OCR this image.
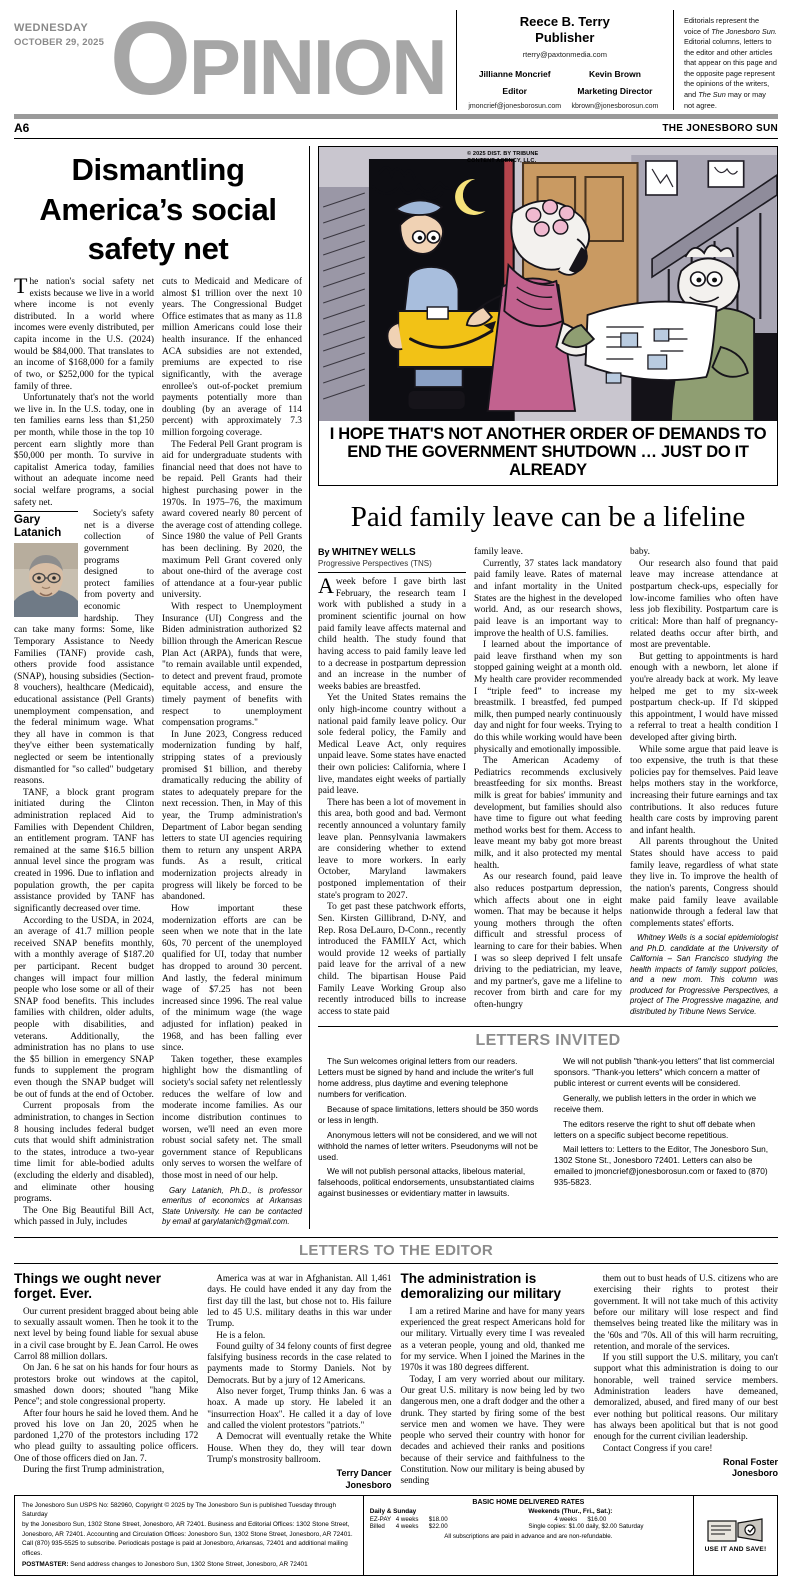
WEDNESDAY
OCTOBER 29, 2025 OPINION
Reece B. Terry
Publisher
rterry@paxtonmedia.com
Jillianne Moncrief
Editor
jmoncrief@jonesborosun.com
Kevin Brown
Marketing Director
kbrown@jonesborosun.com
Editorials represent the voice of The Jonesboro Sun. Editorial columns, letters to the editor and other articles that appear on this page and the opposite page represent the opinions of the writers, and The Sun may or may not agree.
A6	THE JONESBORO SUN
Dismantling America’s social safety net

The nation's social safety net exists because we live in a world where income is not evenly distributed. In a world where incomes were evenly distributed, per capita income in the U.S. (2024) would be $84,000. That translates to an income of $168,000 for a family of two, or $252,000 for the typical family of three.

Unfortunately that's not the world we live in. In the U.S. today, one in ten families earns less than $1,250 per month, while those in the top 10 percent earn slightly more than $50,000 per month. To survive in capitalist America today, families without an adequate income need social welfare programs, a social safety net.

Gary
Latanich

Society's safety net is a diverse collection of government programs designed to protect families from poverty and economic hardship. They can take many forms: Some, like Temporary Assistance to Needy Families (TANF) provide cash, others provide food assistance (SNAP), housing subsidies (Section-8 vouchers), healthcare (Medicaid), educational assistance (Pell Grants) unemployment compensation, and the federal minimum wage. What they all have in common is that they've either been systematically neglected or seem be intentionally dismantled for "so called" budgetary reasons.

TANF, a block grant program initiated during the Clinton administration replaced Aid to Families with Dependent Children, an entitlement program. TANF has remained at the same $16.5 billion annual level since the program was created in 1996. Due to inflation and population growth, the per capita assistance provided by TANF has significantly decreased over time.

According to the USDA, in 2024, an average of 41.7 million people received SNAP benefits monthly, with a monthly average of $187.20 per participant. Recent budget changes will impact four million people who lose some or all of their SNAP food benefits. This includes families with children, older adults, people with disabilities, and veterans. Additionally, the administration has no plans to use the $5 billion in emergency SNAP funds to supplement the program even though the SNAP budget will be out of funds at the end of October.

Current proposals from the administration, to changes in Section 8 housing includes federal budget cuts that would shift administration to the states, introduce a two-year time limit for able-bodied adults (excluding the elderly and disabled), and eliminate other housing programs.

The One Big Beautiful Bill Act, which passed in July, includes

cuts to Medicaid and Medicare of almost $1 trillion over the next 10 years. The Congressional Budget Office estimates that as many as 11.8 million Americans could lose their health insurance. If the enhanced ACA subsidies are not extended, premiums are expected to rise significantly, with the average enrollee's out-of-pocket premium payments potentially more than doubling (by an average of 114 percent) with approximately 7.3 million forgoing coverage.

The Federal Pell Grant program is aid for undergraduate students with financial need that does not have to be repaid. Pell Grants had their highest purchasing power in the 1970s. In 1975–76, the maximum award covered nearly 80 percent of the average cost of attending college. Since 1980 the value of Pell Grants has been declining. By 2020, the maximum Pell Grant covered only about one-third of the average cost of attendance at a four-year public university.

With respect to Unemployment Insurance (UI) Congress and the Biden administration authorized $2 billion through the American Rescue Plan Act (ARPA), funds that were, "to remain available until expended, to detect and prevent fraud, promote equitable access, and ensure the timely payment of benefits with respect to unemployment compensation programs."

In June 2023, Congress reduced modernization funding by half, stripping states of a previously promised $1 billion, and thereby dramatically reducing the ability of states to adequately prepare for the next recession. Then, in May of this year, the Trump administration's Department of Labor began sending letters to state UI agencies requiring them to return any unspent ARPA funds. As a result, critical modernization projects already in progress will likely be forced to be abandoned.

How important these modernization efforts are can be seen when we note that in the late 60s, 70 percent of the unemployed qualified for UI, today that number has dropped to around 30 percent. And lastly, the federal minimum wage of $7.25 has not been increased since 1996. The real value of the minimum wage (the wage adjusted for inflation) peaked in 1968, and has been falling ever since.

Taken together, these examples highlight how the dismantling of society's social safety net relentlessly reduces the welfare of low and moderate income families. As our income distribution continues to worsen, we'll need an even more robust social safety net. The small government stance of Republicans only serves to worsen the welfare of those most in need of our help.

Gary Latanich, Ph.D., is professor emeritus of economics at Arkansas State University. He can be contacted by email at garylatanich@gmail.com.
© 2025 DIST. BY TRIBUNE
CONTENT AGENCY, LLC.
I HOPE THAT'S NOT ANOTHER ORDER OF DEMANDS TO END THE GOVERNMENT SHUTDOWN … JUST DO IT ALREADY
Paid family leave can be a lifeline
By WHITNEY WELLS
Progressive Perspectives (TNS)

Aweek before I gave birth last February, the research team I work with published a study in a prominent scientific journal on how paid family leave affects maternal and child health. The study found that having access to paid family leave led to a decrease in postpartum depression and an increase in the number of weeks babies are breastfed.

Yet the United States remains the only high-income country without a national paid family leave policy. Our sole federal policy, the Family and Medical Leave Act, only requires unpaid leave. Some states have enacted their own policies: California, where I live, mandates eight weeks of partially paid leave.

There has been a lot of movement in this area, both good and bad. Vermont recently announced a voluntary family leave plan. Pennsylvania lawmakers are considering whether to extend leave to more workers. In early October, Maryland lawmakers postponed implementation of their state's program to 2027.

To get past these patchwork efforts, Sen. Kirsten Gillibrand, D-NY, and Rep. Rosa DeLauro, D-Conn., recently introduced the FAMILY Act, which would provide 12 weeks of partially paid leave for the arrival of a new child. The bipartisan House Paid Family Leave Working Group also recently introduced bills to increase access to state paid

family leave.

Currently, 37 states lack mandatory paid family leave. Rates of maternal and infant mortality in the United States are the highest in the developed world. And, as our research shows, paid leave is an important way to improve the health of U.S. families.

I learned about the importance of paid leave firsthand when my son stopped gaining weight at a month old. My health care provider recommended I “triple feed” to increase my breastmilk. I breastfed, fed pumped milk, then pumped nearly continuously day and night for four weeks. Trying to do this while working would have been physically and emotionally impossible.

The American Academy of Pediatrics recommends exclusively breastfeeding for six months. Breast milk is great for babies' immunity and development, but families should also have time to figure out what feeding method works best for them. Access to leave meant my baby got more breast milk, and it also protected my mental health.

As our research found, paid leave also reduces postpartum depression, which affects about one in eight women. That may be because it helps young mothers through the often difficult and stressful process of learning to care for their babies. When I was so sleep deprived I felt unsafe driving to the pediatrician, my leave, and my partner's, gave me a lifeline to recover from birth and care for my often-hungry

baby.

Our research also found that paid leave may increase attendance at postpartum check-ups, especially for low-income families who often have less job flexibility. Postpartum care is critical: More than half of pregnancy-related deaths occur after birth, and most are preventable.

But getting to appointments is hard enough with a newborn, let alone if you're already back at work. My leave helped me get to my six-week postpartum check-up. If I'd skipped this appointment, I would have missed a referral to treat a health condition I developed after giving birth.

While some argue that paid leave is too expensive, the truth is that these policies pay for themselves. Paid leave helps mothers stay in the workforce, increasing their future earnings and tax contributions. It also reduces future health care costs by improving parent and infant health.

All parents throughout the United States should have access to paid family leave, regardless of what state they live in. To improve the health of the nation's parents, Congress should make paid family leave available nationwide through a federal law that complements states' efforts.

Whitney Wells is a social epidemiologist and Ph.D. candidate at the University of California – San Francisco studying the health impacts of family support policies, and a new mom. This column was produced for Progressive Perspectives, a project of The Progressive magazine, and distributed by Tribune News Service.
LETTERS INVITED

The Sun welcomes original letters from our readers. Letters must be signed by hand and include the writer's full home address, plus daytime and evening telephone numbers for verification.

Because of space limitations, letters should be 350 words or less in length.

Anonymous letters will not be considered, and we will not withhold the names of letter writers. Pseudonyms will not be used.

We will not publish personal attacks, libelous material, falsehoods, political endorsements, unsubstantiated claims against businesses or evidentiary matter in lawsuits.

We will not publish "thank-you letters" that list commercial sponsors. "Thank-you letters" which concern a matter of public interest or current events will be considered.

Generally, we publish letters in the order in which we receive them.

The editors reserve the right to shut off debate when letters on a specific subject become repetitious.

Mail letters to: Letters to the Editor, The Jonesboro Sun, 1302 Stone St., Jonesboro 72401. Letters can also be emailed to jmoncrief@jonesborosun.com or faxed to (870) 935-5823.

LETTERS TO THE EDITOR
Things we ought never forget. Ever.

Our current president bragged about being able to sexually assault women. Then he took it to the next level by being found liable for sexual abuse in a civil case brought by E. Jean Carrol. He owes Carrol 88 million dollars.

On Jan. 6 he sat on his hands for four hours as protestors broke out windows at the capitol, smashed down doors; shouted "hang Mike Pence"; and stole congressional property.

After four hours he said he loved them. And he proved his love on Jan 20, 2025 when he pardoned 1,270 of the protestors including 172 who plead guilty to assaulting police officers. One of those officers died on Jan. 7.

During the first Trump administration,

America was at war in Afghanistan. All 1,461 days. He could have ended it any day from the first day till the last, but chose not to. His failure led to 45 U.S. military deaths in this war under Trump.

He is a felon.

Found guilty of 34 felony counts of first degree falsifying business records in the case related to payments made to Stormy Daniels. Not by Democrats. But by a jury of 12 Americans.

Also never forget, Trump thinks Jan. 6 was a hoax. A made up story. He labeled it an "insurrection Hoax". He called it a day of love and called the violent protestors "patriots."

A Democrat will eventually retake the White House. When they do, they will tear down Trump's monstrosity ballroom.

Terry Dancer
Jonesboro
The administration is demoralizing our military

I am a retired Marine and have for many years experienced the great respect Americans hold for our military. Virtually every time I was revealed as a veteran people, young and old, thanked me for my service. When I joined the Marines in the 1970s it was 180 degrees different.

Today, I am very worried about our military. Our great U.S. military is now being led by two dangerous men, one a draft dodger and the other a drunk. They started by firing some of the best service men and women we have. They were people who served their country with honor for decades and achieved their ranks and positions because of their service and faithfulness to the Constitution. Now our military is being abused by sending

them out to bust heads of U.S. citizens who are exercising their rights to protest their government. It will not take much of this activity before our military will lose respect and find themselves being treated like the military was in the '60s and '70s. All of this will harm recruiting, retention, and morale of the services.

If you still support the U.S. military, you can't support what this administration is doing to our honorable, well trained service members. Administration leaders have demeaned, demoralized, abused, and fired many of our best ever nothing but political reasons. Our military has always been apolitical but that is not good enough for the current civilian leadership.

Contact Congress if you care!

Ronal Foster
Jonesboro
The Jonesboro Sun USPS No: 582960, Copyright © 2025 by The Jonesboro Sun is published Tuesday through Saturday
by the Jonesboro Sun, 1302 Stone Street, Jonesboro, AR 72401. Business and Editorial Offices: 1302 Stone Street,
Jonesboro, AR 72401. Accounting and Circulation Offices: Jonesboro Sun, 1302 Stone Street, Jonesboro, AR 72401.
Call (870) 935-5525 to subscribe. Periodicals postage is paid at Jonesboro, Arkansas, 72401 and additional mailing offices.
POSTMASTER: Send address changes to Jonesboro Sun, 1302 Stone Street, Jonesboro, AR 72401
BASIC HOME DELIVERED RATES
Daily & Sunday
EZ-PAY 4 weeks	$18.00
Billed	4 weeks	$22.00
Weekends (Thur., Fri., Sat.):
4 weeks	$16.00
Single copies: $1.00 daily, $2.00 Saturday
All subscriptions are paid in advance and are non-refundable.
USE IT AND SAVE!
